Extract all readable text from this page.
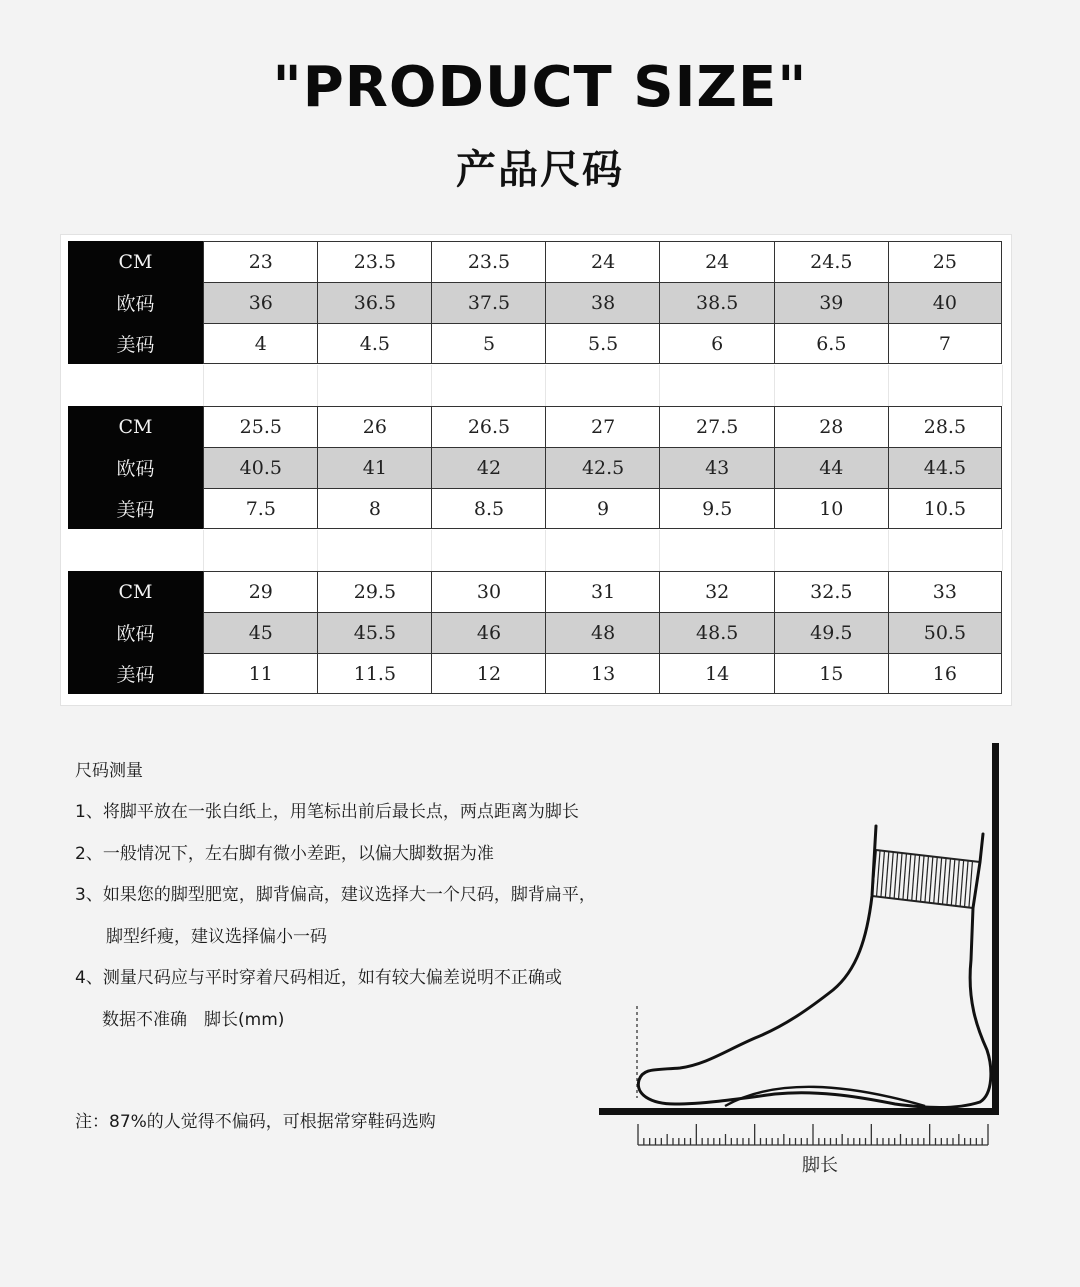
"PRODUCT SIZE"
产品尺码
CM	23	23.5	23.5	24	24	24.5	25
欧码	36	36.5	37.5	38	38.5	39	40
美码	4	4.5	5	5.5	6	6.5	7
CM	25.5	26	26.5	27	27.5	28	28.5
欧码	40.5	41	42	42.5	43	44	44.5
美码	7.5	8	8.5	9	9.5	10	10.5
CM	29	29.5	30	31	32	32.5	33
欧码	45	45.5	46	48	48.5	49.5	50.5
美码	11	11.5	12	13	14	15	16
尺码测量
1、将脚平放在一张白纸上，用笔标出前后最长点，两点距离为脚长
2、一般情况下，左右脚有微小差距，以偏大脚数据为准
3、如果您的脚型肥宽，脚背偏高，建议选择大一个尺码，脚背扁平，
脚型纤瘦，建议选择偏小一码
4、测量尺码应与平时穿着尺码相近，如有较大偏差说明不正确或
数据不准确　脚长(mm)
注：87%的人觉得不偏码，可根据常穿鞋码选购
脚长
